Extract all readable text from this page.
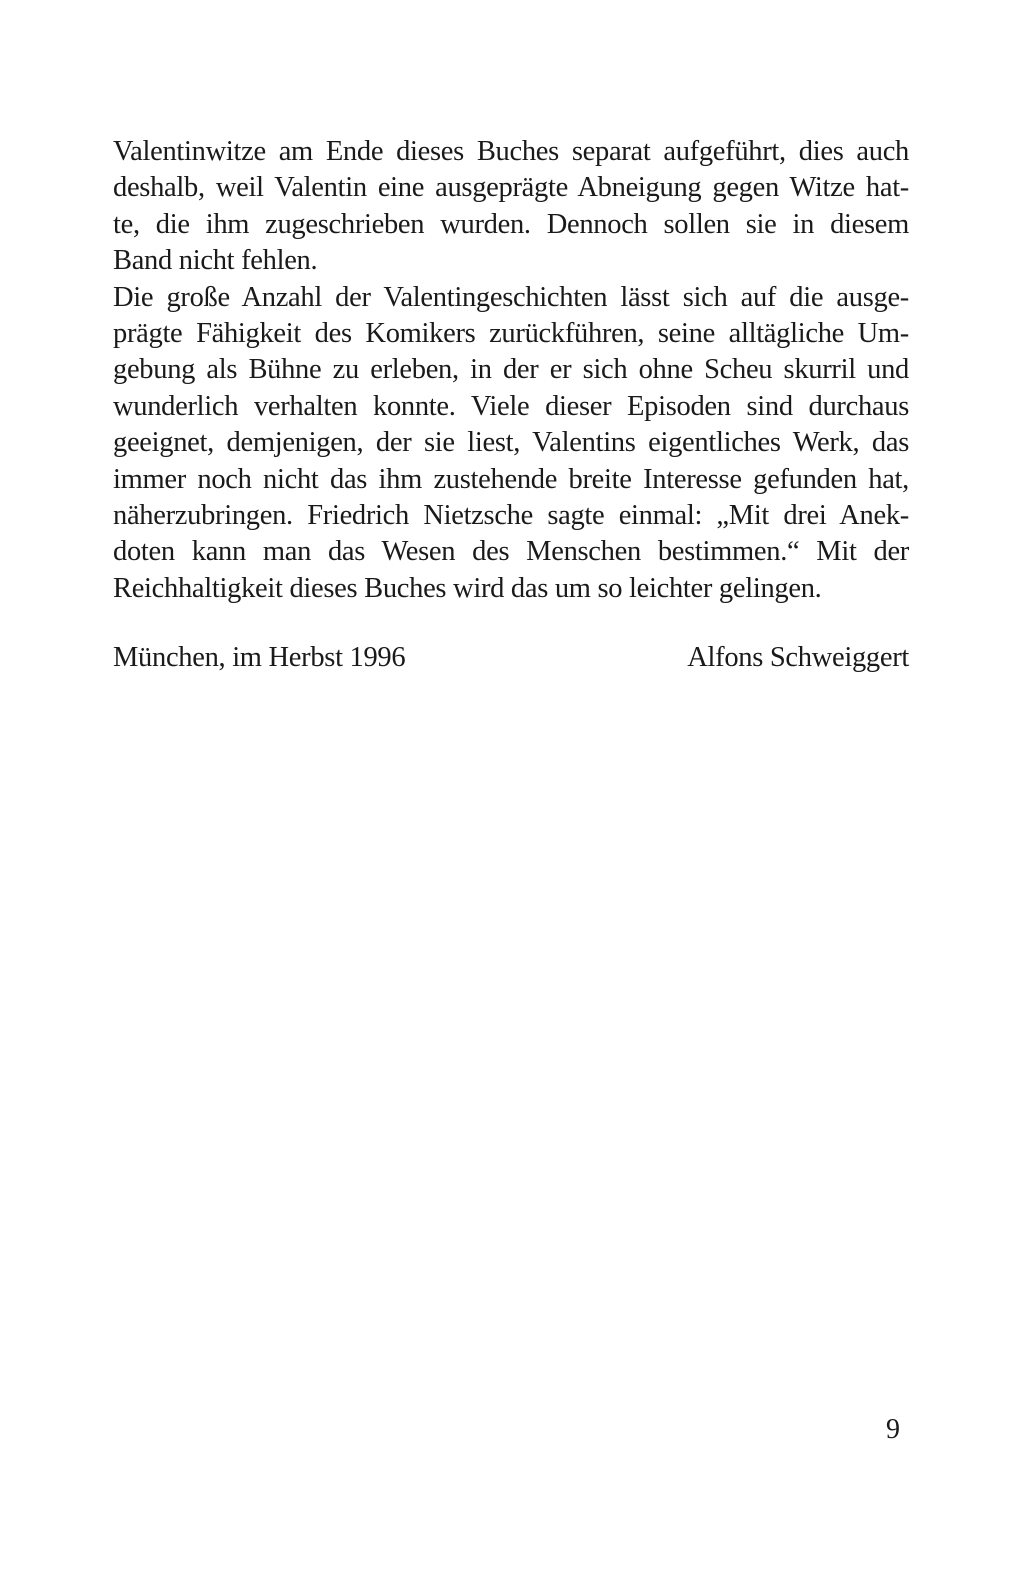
Valentinwitze am Ende dieses Buches separat aufgeführt, dies auch
deshalb, weil Valentin eine ausgeprägte Abneigung gegen Witze hat-
te, die ihm zugeschrieben wurden. Dennoch sollen sie in diesem
Band nicht fehlen.
Die große Anzahl der Valentingeschichten lässt sich auf die ausge-
prägte Fähigkeit des Komikers zurückführen, seine alltägliche Um-
gebung als Bühne zu erleben, in der er sich ohne Scheu skurril und
wunderlich verhalten konnte. Viele dieser Episoden sind durchaus
geeignet, demjenigen, der sie liest, Valentins eigentliches Werk, das
immer noch nicht das ihm zustehende breite Interesse gefunden hat,
näherzubringen. Friedrich Nietzsche sagte einmal: „Mit drei Anek-
doten kann man das Wesen des Menschen bestimmen.“ Mit der
Reichhaltigkeit dieses Buches wird das um so leichter gelingen.
München, im Herbst 1996	Alfons Schweiggert
9
